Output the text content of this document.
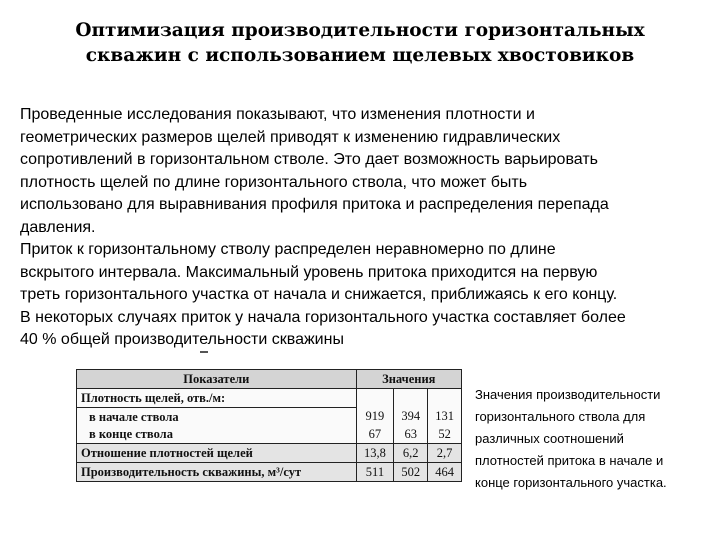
Оптимизация производительности горизонтальных
скважин с использованием щелевых хвостовиков
Проведенные исследования показывают, что изменения плотности и
геометрических размеров щелей приводят к изменению гидравлических
сопротивлений в горизонтальном стволе. Это дает возможность варьировать
плотность щелей по длине горизонтального ствола, что может быть
использовано для выравнивания профиля притока и распределения перепада
давления.
Приток к горизонтальному стволу распределен неравномерно по длине
вскрытого интервала. Максимальный уровень притока приходится на первую
треть горизонтального участка от начала и снижается, приближаясь к его концу.
В некоторых случаях приток у начала горизонтального участка составляет более
40 % общей производительности скважины
Показатели	Значения		
Плотность щелей, отв./м:			
в начале ствола	919	394	131
в конце ствола	67	63	52
Отношение плотностей щелей	13,8	6,2	2,7
Производительность скважины, м³/сут	511	502	464
Значения производительности
горизонтального ствола для
различных соотношений
плотностей притока в начале и
конце горизонтального участка.
